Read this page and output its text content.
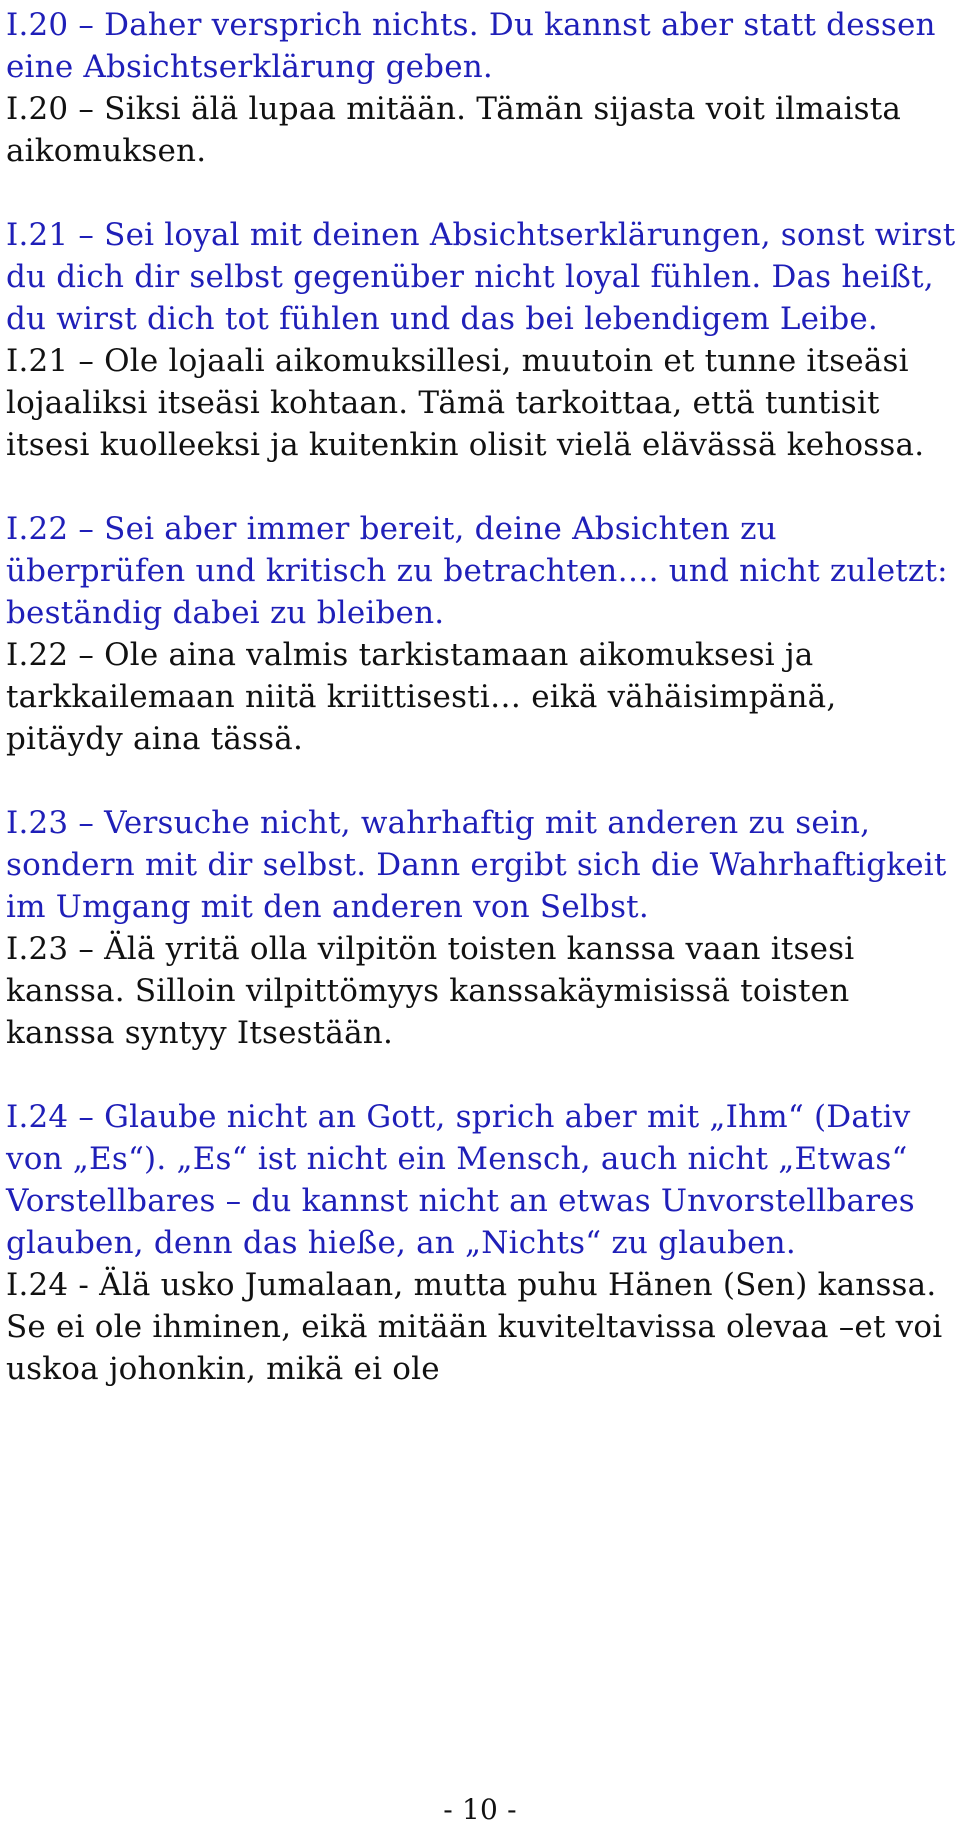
I.20 – Daher versprich nichts. Du kannst aber statt dessen eine Absichtserklärung geben.

I.20 – Siksi älä lupaa mitään. Tämän sijasta voit ilmaista aikomuksen.

I.21 – Sei loyal mit deinen Absichtserklärungen, sonst wirst du dich dir selbst gegenüber nicht loyal fühlen. Das heißt, du wirst dich tot fühlen und das bei lebendigem Leibe.

I.21 – Ole lojaali aikomuksillesi, muutoin et tunne itseäsi lojaaliksi itseäsi kohtaan. Tämä tarkoittaa, että tuntisit itsesi kuolleeksi ja kuitenkin olisit vielä elävässä kehossa.

I.22 – Sei aber immer bereit, deine Absichten zu überprüfen und kritisch zu betrachten…. und nicht zuletzt: beständig dabei zu bleiben.

I.22 – Ole aina valmis tarkistamaan aikomuksesi ja tarkkailemaan niitä kriittisesti… eikä vähäisimpänä, pitäydy aina tässä.

I.23 – Versuche nicht, wahrhaftig mit anderen zu sein, sondern mit dir selbst. Dann ergibt sich die Wahrhaftigkeit im Umgang mit den anderen von Selbst.

I.23 – Älä yritä olla vilpitön toisten kanssa vaan itsesi kanssa. Silloin vilpittömyys kanssakäymisissä toisten kanssa syntyy Itsestään.

I.24 – Glaube nicht an Gott, sprich aber mit „Ihm“ (Dativ von „Es“). „Es“ ist nicht ein Mensch, auch nicht „Etwas“ Vorstellbares – du kannst nicht an etwas Unvorstellbares glauben, denn das hieße, an „Nichts“ zu glauben.

I.24 - Älä usko Jumalaan, mutta puhu Hänen (Sen) kanssa. Se ei ole ihminen, eikä mitään kuviteltavissa olevaa –et voi uskoa johonkin, mikä ei ole

- 10 -
